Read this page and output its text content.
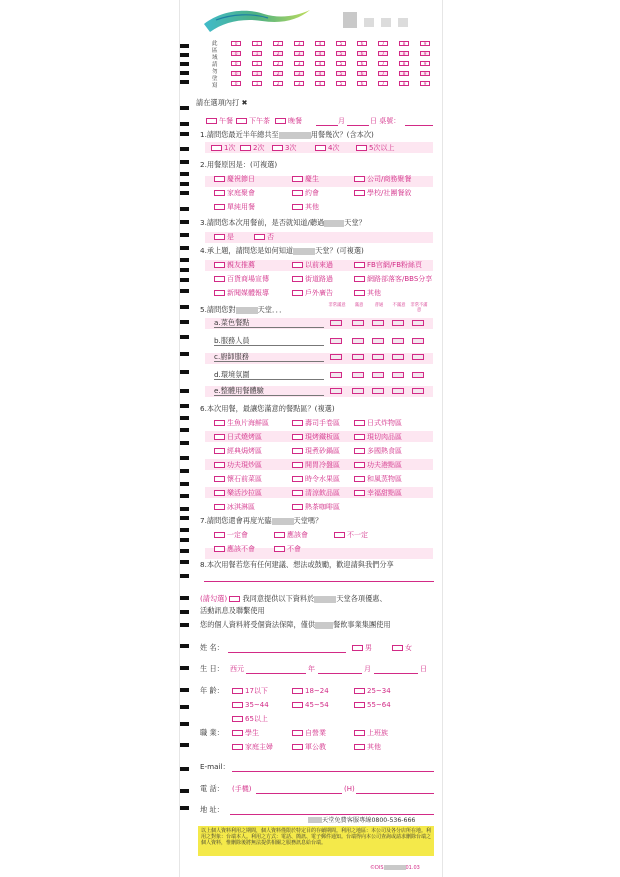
此區域請勿塗寫
請在選項內打 ✖
午餐	下午茶	晚餐	月	日 桌號：
1.請問您最近半年總共至	用餐幾次？(含本次)
2.用餐原因是：(可複選)
3.請問您本次用餐前，是否就知道/聽過	天堂？
4.承上題，請問您是如何知道	天堂？(可複選)
5.請問您對	天堂．．．
6.本次用餐，最讓您滿意的餐點區？(複選)
7.請問您還會再度光臨	天堂嗎？
8.本次用餐若您有任何建議、想法或鼓勵，歡迎請與我們分享
(請勾選) 我同意提供以下資料於	天堂各項優惠、
活動訊息及聯繫使用
您的個人資料將受個資法保障，僅供	餐飲事業集團使用
姓 名：	男	女
生 日： 西元	年	月	日
年 齡：
職 業：
E-mail：
電 話： (手機)	(H)
地 址：
天堂免費客服專線0800-536-666
以上個人資料利用之期間，個人資料僅限於特定目的存續期間。利用之地區：本公司及各分店所在地。利用之對象：台端本人。利用之方式：電話、簡訊、電子郵件通知。台端得向本公司查詢或請求刪除台端之個人資料，惟刪除後將無法提供相關之服務訊息給台端。
©DIS	01.03
0	1	2	3	4	5	6	7	8	9
0	1	2	3	4	5	6	7	8	9
0	1	2	3	4	5	6	7	8	9
0	1	2	3	4	5	6	7	8	9
0	1	2	3	4	5	6	7	8	9
1次	2次	3次	4次	5次以上
慶祝節日	慶生	公司/商務聚餐
家庭聚會	約會	學校/社團餐敘
單純用餐	其他
是	否
親友推薦	以前來過	FB官網/FB粉絲頁
百貨商場宣傳	街道路過	網路部落客/BBS分享
新聞媒體報導	戶外廣告	其他
非常滿意	滿意	普通	不滿意	非常不滿意
a.菜色餐點
b.服務人員
c.廚師服務
d.環境氛圍
e.整體用餐體驗
生魚片海鮮區	壽司手卷區	日式炸物區
日式燒烤區	現烤鐵板區	現切肉品區
經典焗烤區	現煮砂鍋區	多國熱食區
功夫現炒區	開胃冷盤區	功夫港點區
懷石前菜區	時令水果區	和風蒸物區
樂活沙拉區	清涼飲品區	幸福甜點區
冰淇淋區	熱茶咖啡區
一定會	應該會	不一定
應該不會	不會
17以下	18~24	25~34
35~44	45~54	55~64
65以上
學生	自營業	上班族
家庭主婦	軍公教	其他
